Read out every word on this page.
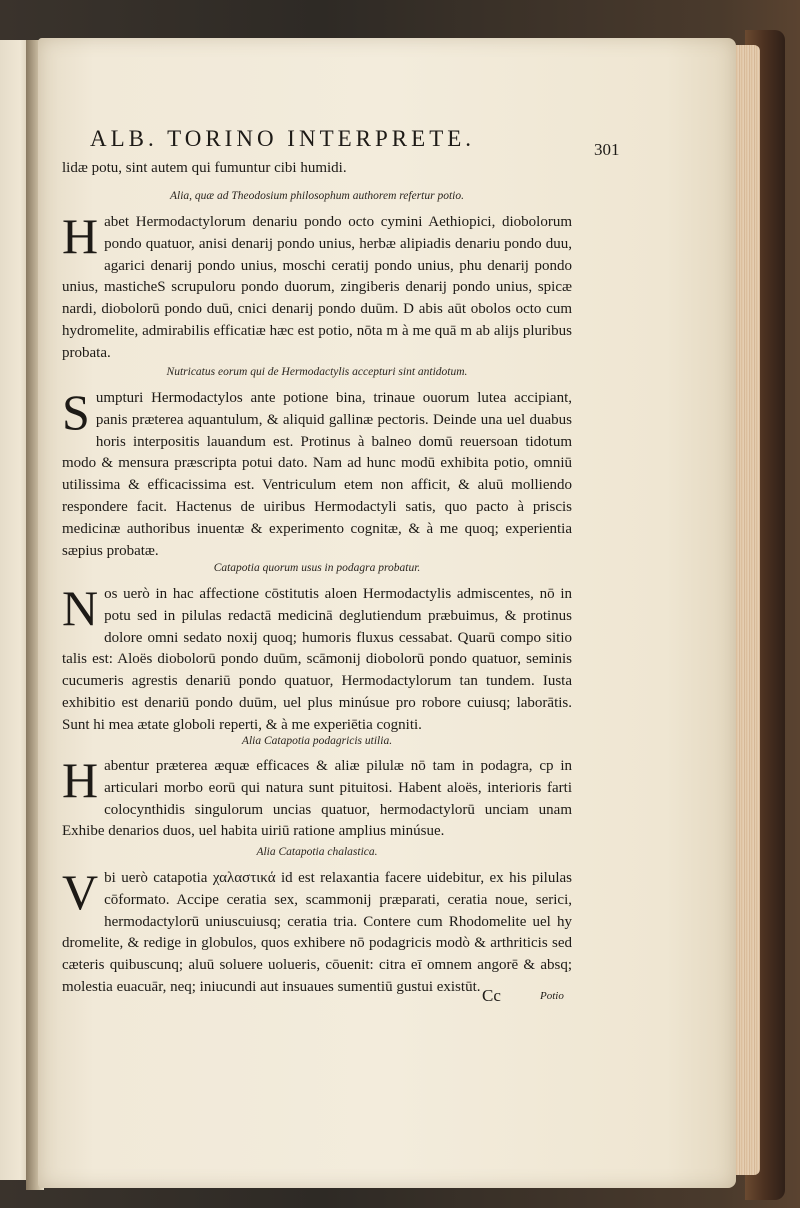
ALB. TORINO INTERPRETE.	301
lidæ potu, sint autem qui fumuntur cibi humidi.
Alia, quæ ad Theodosium philosophum authorem refertur potio.
H abet Hermodactylorum denariu pondo octo cymini Aethiopici, diobolorum pondo quatuor, anisi denarij pondo unius, herbæ alipiadis denariu pondo duu, agarici denarij pondo unius, moschi ceratij pondo unius, phu denarij pondo unius, masticheS scrupuloru pondo duorum, zingiberis denarij pondo unius, spicæ nardi, diobolorū pondo duū, cnici denarij pondo duūm. D abis aūt obolos octo cum hydromelite, admirabilis efficatiæ hæc est potio, nōta m à me quā m ab alijs pluribus probata.
Nutricatus eorum qui de Hermodactylis accepturi sint antidotum.
S umpturi Hermodactylos ante potione bina, trinaue ouorum lutea accipiant, panis præterea aquantulum, & aliquid gallinæ pectoris. Deinde una uel duabus horis interpositis lauandum est. Protinus à balneo domū reuersoan tidotum modo & mensura præscripta potui dato. Nam ad hunc modū exhibita potio, omniū utilissima & efficacissima est. Ventriculum etem non afficit, & aluū molliendo respondere facit. Hactenus de uiribus Hermodactyli satis, quo pacto à priscis medicinæ authoribus inuentæ & experimento cognitæ, & à me quoq; experientia sæpius probatæ.
Catapotia quorum usus in podagra probatur.
N os uerò in hac affectione cōstitutis aloen Hermodactylis admiscentes, nō in potu sed in pilulas redactā medicinā deglutiendum præbuimus, & protinus dolore omni sedato noxij quoq; humoris fluxus cessabat. Quarū compo sitio talis est: Aloës diobolorū pondo duūm, scāmonij diobolorū pondo quatuor, seminis cucumeris agrestis denariū pondo quatuor, Hermodactylorum tan tundem. Iusta exhibitio est denariū pondo duūm, uel plus minúsue pro robore cuiusq; laborātis. Sunt hi mea ætate globoli reperti, & à me experiētia cogniti.
Alia Catapotia podagricis utilia.
H abentur præterea æquæ efficaces & aliæ pilulæ nō tam in podagra, cp in articulari morbo eorū qui natura sunt pituitosi. Habent aloës, interioris farti colocynthidis singulorum uncias quatuor, hermodactylorū unciam unam Exhibe denarios duos, uel habita uiriū ratione amplius minúsue.
Alia Catapotia chalastica.
V bi uerò catapotia χαλαστικά id est relaxantia facere uidebitur, ex his pilulas cōformato. Accipe ceratia sex, scammonij præparati, ceratia noue, serici, hermodactylorū uniuscuiusq; ceratia tria. Contere cum Rhodomelite uel hy dromelite, & redige in globulos, quos exhibere nō podagricis modò & arthriticis sed cæteris quibuscunq; aluū soluere uolueris, cōuenit: citra eī omnem angorē & absq; molestia euacuār, neq; iniucundi aut insuaues sumentiū gustui existūt. Cc	Potio
